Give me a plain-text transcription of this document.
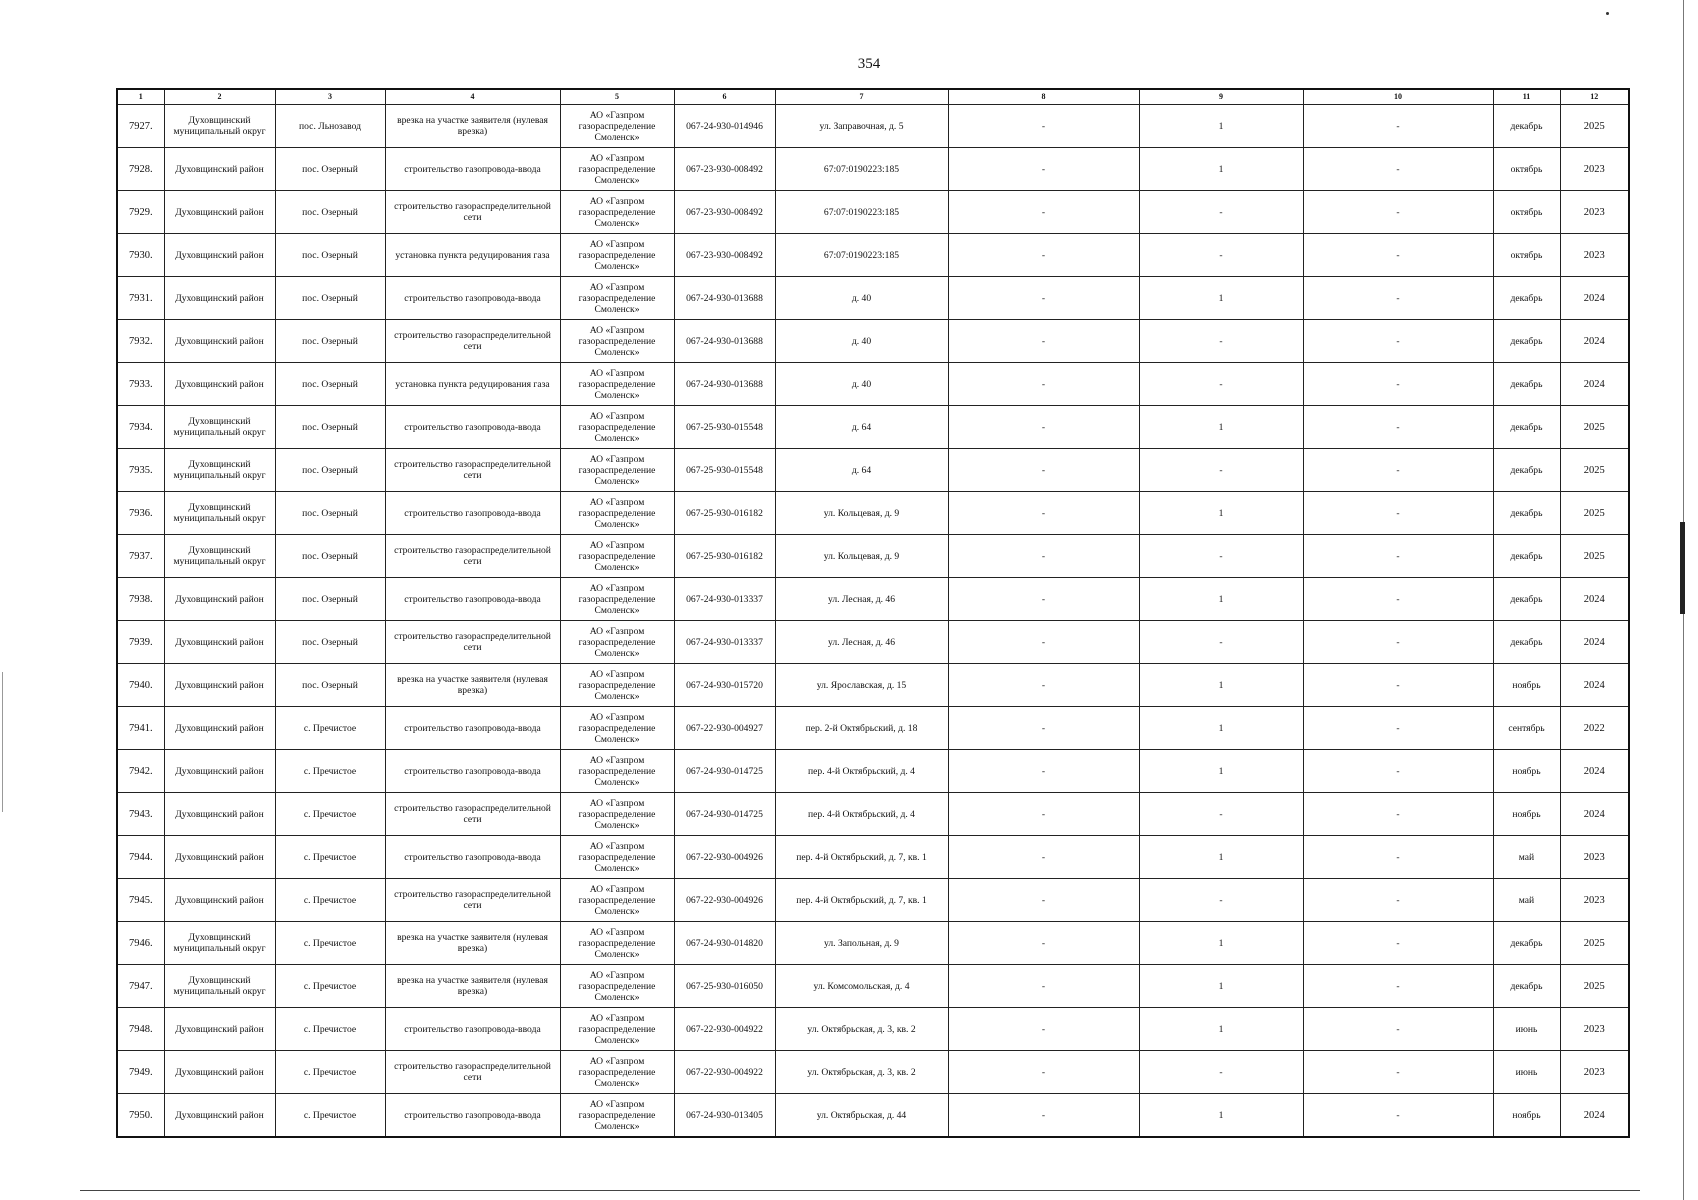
354
1	2	3	4	5	6	7	8	9	10	11	12
7927.	Духовщинский муниципальный округ	пос. Льнозавод	врезка на участке заявителя (нулевая врезка)	АО «Газпром газораспределение Смоленск»	067-24-930-014946	ул. Заправочная, д. 5	-	1	-	декабрь	2025
7928.	Духовщинский район	пос. Озерный	строительство газопровода-ввода	АО «Газпром газораспределение Смоленск»	067-23-930-008492	67:07:0190223:185	-	1	-	октябрь	2023
7929.	Духовщинский район	пос. Озерный	строительство газораспределительной сети	АО «Газпром газораспределение Смоленск»	067-23-930-008492	67:07:0190223:185	-	-	-	октябрь	2023
7930.	Духовщинский район	пос. Озерный	установка пункта редуцирования газа	АО «Газпром газораспределение Смоленск»	067-23-930-008492	67:07:0190223:185	-	-	-	октябрь	2023
7931.	Духовщинский район	пос. Озерный	строительство газопровода-ввода	АО «Газпром газораспределение Смоленск»	067-24-930-013688	д. 40	-	1	-	декабрь	2024
7932.	Духовщинский район	пос. Озерный	строительство газораспределительной сети	АО «Газпром газораспределение Смоленск»	067-24-930-013688	д. 40	-	-	-	декабрь	2024
7933.	Духовщинский район	пос. Озерный	установка пункта редуцирования газа	АО «Газпром газораспределение Смоленск»	067-24-930-013688	д. 40	-	-	-	декабрь	2024
7934.	Духовщинский муниципальный округ	пос. Озерный	строительство газопровода-ввода	АО «Газпром газораспределение Смоленск»	067-25-930-015548	д. 64	-	1	-	декабрь	2025
7935.	Духовщинский муниципальный округ	пос. Озерный	строительство газораспределительной сети	АО «Газпром газораспределение Смоленск»	067-25-930-015548	д. 64	-	-	-	декабрь	2025
7936.	Духовщинский муниципальный округ	пос. Озерный	строительство газопровода-ввода	АО «Газпром газораспределение Смоленск»	067-25-930-016182	ул. Кольцевая, д. 9	-	1	-	декабрь	2025
7937.	Духовщинский муниципальный округ	пос. Озерный	строительство газораспределительной сети	АО «Газпром газораспределение Смоленск»	067-25-930-016182	ул. Кольцевая, д. 9	-	-	-	декабрь	2025
7938.	Духовщинский район	пос. Озерный	строительство газопровода-ввода	АО «Газпром газораспределение Смоленск»	067-24-930-013337	ул. Лесная, д. 46	-	1	-	декабрь	2024
7939.	Духовщинский район	пос. Озерный	строительство газораспределительной сети	АО «Газпром газораспределение Смоленск»	067-24-930-013337	ул. Лесная, д. 46	-	-	-	декабрь	2024
7940.	Духовщинский район	пос. Озерный	врезка на участке заявителя (нулевая врезка)	АО «Газпром газораспределение Смоленск»	067-24-930-015720	ул. Ярославская, д. 15	-	1	-	ноябрь	2024
7941.	Духовщинский район	с. Пречистое	строительство газопровода-ввода	АО «Газпром газораспределение Смоленск»	067-22-930-004927	пер. 2-й Октябрьский, д. 18	-	1	-	сентябрь	2022
7942.	Духовщинский район	с. Пречистое	строительство газопровода-ввода	АО «Газпром газораспределение Смоленск»	067-24-930-014725	пер. 4-й Октябрьский, д. 4	-	1	-	ноябрь	2024
7943.	Духовщинский район	с. Пречистое	строительство газораспределительной сети	АО «Газпром газораспределение Смоленск»	067-24-930-014725	пер. 4-й Октябрьский, д. 4	-	-	-	ноябрь	2024
7944.	Духовщинский район	с. Пречистое	строительство газопровода-ввода	АО «Газпром газораспределение Смоленск»	067-22-930-004926	пер. 4-й Октябрьский, д. 7, кв. 1	-	1	-	май	2023
7945.	Духовщинский район	с. Пречистое	строительство газораспределительной сети	АО «Газпром газораспределение Смоленск»	067-22-930-004926	пер. 4-й Октябрьский, д. 7, кв. 1	-	-	-	май	2023
7946.	Духовщинский муниципальный округ	с. Пречистое	врезка на участке заявителя (нулевая врезка)	АО «Газпром газораспределение Смоленск»	067-24-930-014820	ул. Запольная, д. 9	-	1	-	декабрь	2025
7947.	Духовщинский муниципальный округ	с. Пречистое	врезка на участке заявителя (нулевая врезка)	АО «Газпром газораспределение Смоленск»	067-25-930-016050	ул. Комсомольская, д. 4	-	1	-	декабрь	2025
7948.	Духовщинский район	с. Пречистое	строительство газопровода-ввода	АО «Газпром газораспределение Смоленск»	067-22-930-004922	ул. Октябрьская, д. 3, кв. 2	-	1	-	июнь	2023
7949.	Духовщинский район	с. Пречистое	строительство газораспределительной сети	АО «Газпром газораспределение Смоленск»	067-22-930-004922	ул. Октябрьская, д. 3, кв. 2	-	-	-	июнь	2023
7950.	Духовщинский район	с. Пречистое	строительство газопровода-ввода	АО «Газпром газораспределение Смоленск»	067-24-930-013405	ул. Октябрьская, д. 44	-	1	-	ноябрь	2024
